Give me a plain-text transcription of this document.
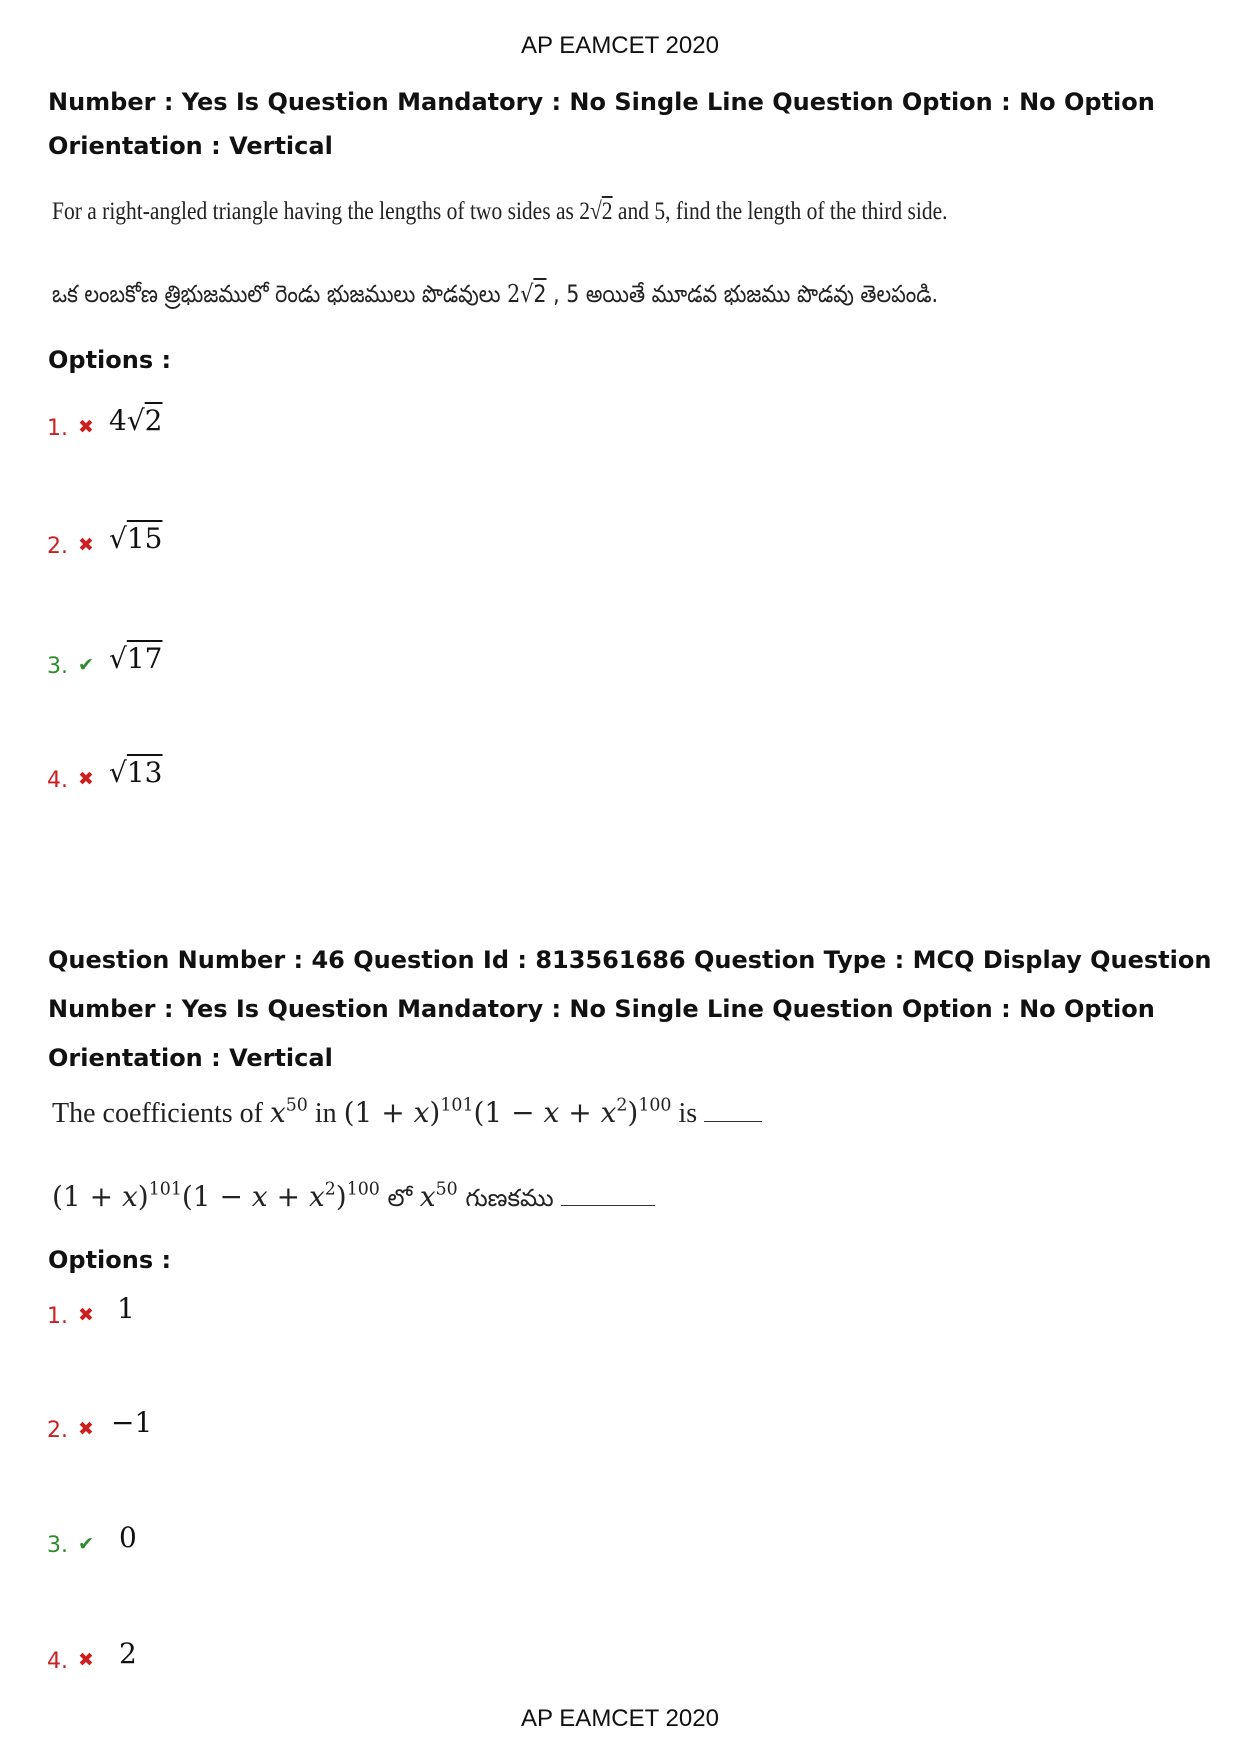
AP EAMCET 2020
Number : Yes Is Question Mandatory : No Single Line Question Option : No Option
Orientation : Vertical
For a right-angled triangle having the lengths of two sides as 2√2 and 5, find the length of the third side.
ఒక లంబకోణ త్రిభుజములో రెండు భుజములు పొడవులు 2√2 , 5 అయితే మూడవ భుజము పొడవు తెలపండి.
Options :
1. ✖ 4√2
2. ✖ √15
3. ✔ √17
4. ✖ √13
Question Number : 46 Question Id : 813561686 Question Type : MCQ Display Question
Number : Yes Is Question Mandatory : No Single Line Question Option : No Option
Orientation : Vertical
The coefficients of $x^{50}$ in $(1 + x)^{101}(1 - x + x^2)^{100}$ is
$(1 + x)^{101}(1 - x + x^2)^{100}$ లో $x^{50}$ గుణకము
Options :
1. ✖ 1
2. ✖ −1
3. ✔ 0
4. ✖ 2
AP EAMCET 2020
